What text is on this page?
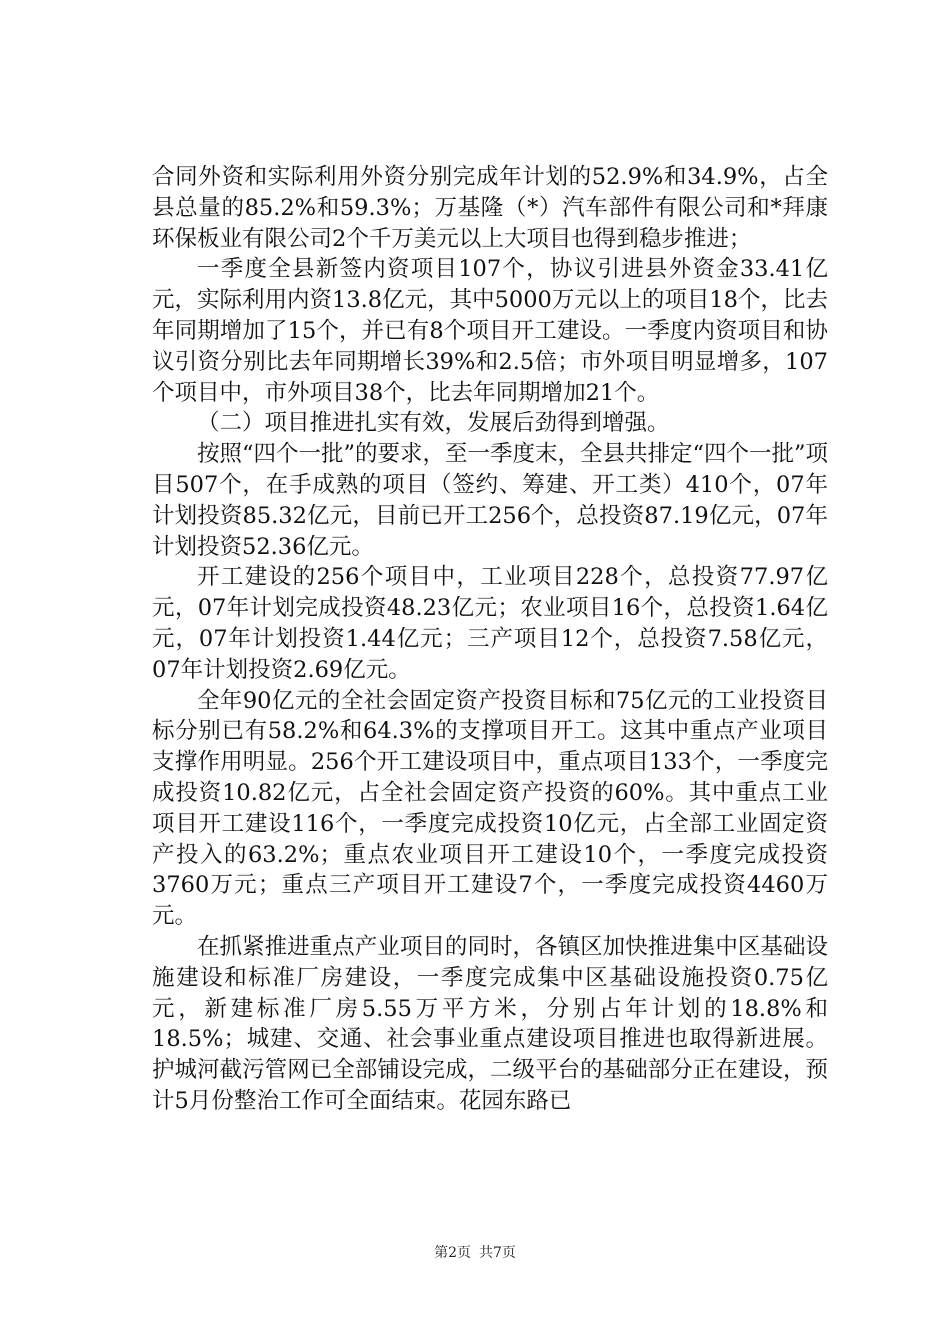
合同外资和实际利用外资分别完成年计划的52.9%和34.9%，占全县总量的85.2%和59.3%；万基隆（*）汽车部件有限公司和*拜康环保板业有限公司2个千万美元以上大项目也得到稳步推进；

一季度全县新签内资项目107个，协议引进县外资金33.41亿元，实际利用内资13.8亿元，其中5000万元以上的项目18个，比去年同期增加了15个，并已有8个项目开工建设。一季度内资项目和协议引资分别比去年同期增长39%和2.5倍；市外项目明显增多，107个项目中，市外项目38个，比去年同期增加21个。

（二）项目推进扎实有效，发展后劲得到增强。

按照“四个一批”的要求，至一季度末，全县共排定“四个一批”项目507个，在手成熟的项目（签约、筹建、开工类）410个，07年计划投资85.32亿元，目前已开工256个，总投资87.19亿元，07年计划投资52.36亿元。

开工建设的256个项目中，工业项目228个，总投资77.97亿元，07年计划完成投资48.23亿元；农业项目16个，总投资1.64亿元，07年计划投资1.44亿元；三产项目12个，总投资7.58亿元，07年计划投资2.69亿元。

全年90亿元的全社会固定资产投资目标和75亿元的工业投资目标分别已有58.2%和64.3%的支撑项目开工。这其中重点产业项目支撑作用明显。256个开工建设项目中，重点项目133个，一季度完成投资10.82亿元，占全社会固定资产投资的60%。其中重点工业项目开工建设116个，一季度完成投资10亿元，占全部工业固定资产投入的63.2%；重点农业项目开工建设10个，一季度完成投资3760万元；重点三产项目开工建设7个，一季度完成投资4460万元。

在抓紧推进重点产业项目的同时，各镇区加快推进集中区基础设施建设和标准厂房建设，一季度完成集中区基础设施投资0.75亿元，新建标准厂房5.55万平方米，分别占年计划的18.8%和18.5%；城建、交通、社会事业重点建设项目推进也取得新进展。护城河截污管网已全部铺设完成，二级平台的基础部分正在建设，预计5月份整治工作可全面结束。花园东路已

第2页 共7页
